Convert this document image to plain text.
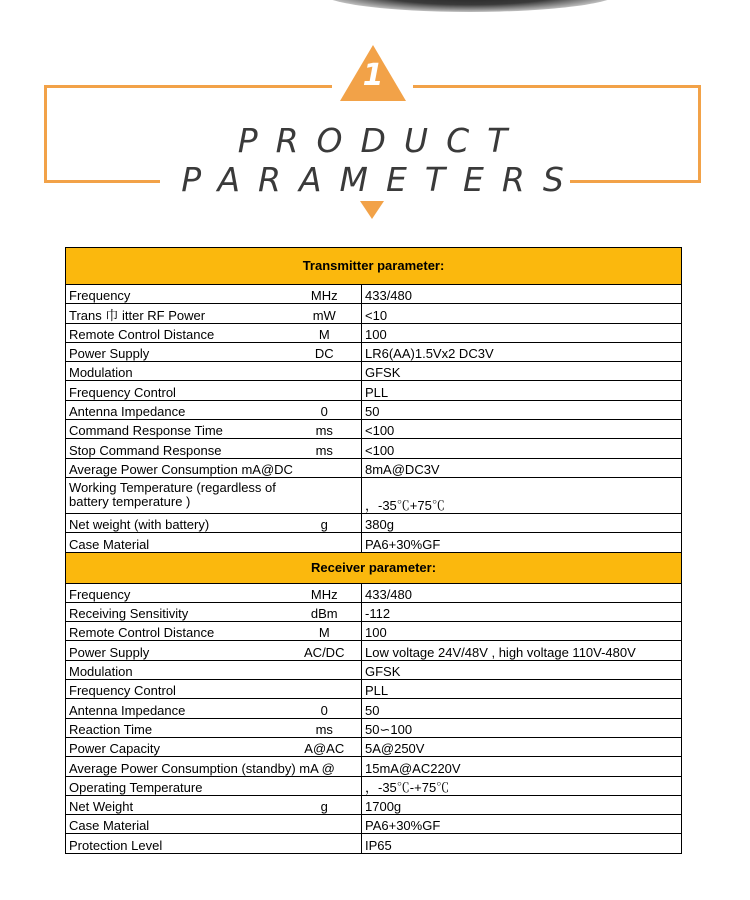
1
PRODUCT PARAMETERS
Transmitter parameter:		
Frequency	MHz	433/480
Trans 巾 itter RF Power	mW	<10
Remote Control Distance	M	100
Power Supply	DC	LR6(AA)1.5Vx2 DC3V
Modulation		GFSK
Frequency Control		PLL
Antenna Impedance	0	50
Command Response Time	ms	<100
Stop Command Response	ms	<100
Average Power Consumption mA@DC		8mA@DC3V
Working Temperature (regardless of battery temperature )		，-35℃+75℃
Net weight (with battery)	g	380g
Case Material		PA6+30%GF
Receiver parameter:		
Frequency	MHz	433/480
Receiving Sensitivity	dBm	-112
Remote Control Distance	M	100
Power Supply	AC/DC	Low voltage 24V/48V , high voltage 110V-480V
Modulation		GFSK
Frequency Control		PLL
Antenna Impedance	0	50
Reaction Time	ms	50∽100
Power Capacity	A@AC	5A@250V
Average Power Consumption (standby) mA @		15mA@AC220V
Operating Temperature		，-35℃-+75℃
Net Weight	g	1700g
Case Material		PA6+30%GF
Protection Level		IP65
